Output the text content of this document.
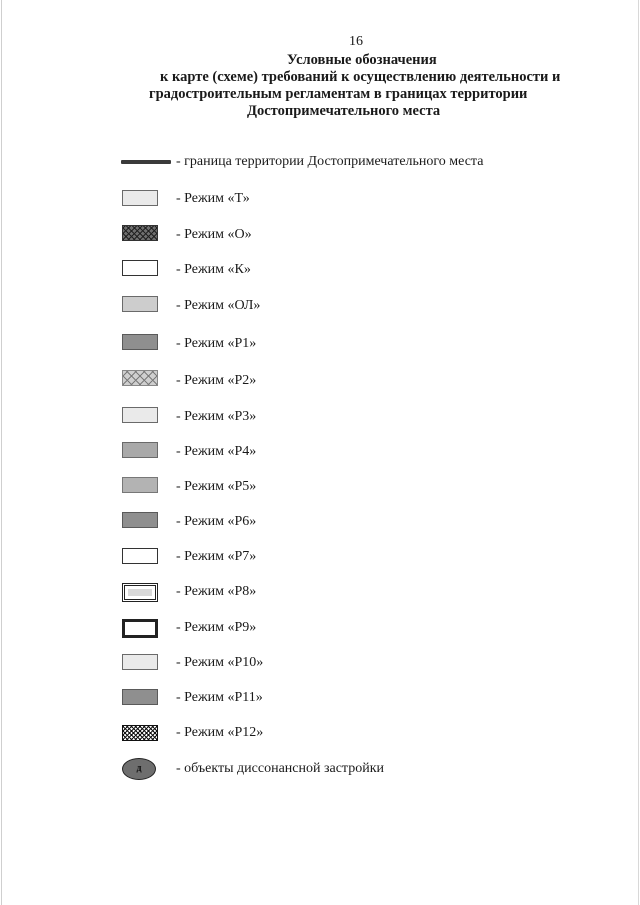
16
Условные обозначения
к карте (схеме) требований к осуществлению деятельности и
градостроительным регламентам в границах территории
Достопримечательного места
- граница территории Достопримечательного места
- Режим «Т»
- Режим «О»
- Режим «К»
- Режим «ОЛ»
- Режим «Р1»
- Режим «Р2»
- Режим «Р3»
- Режим «Р4»
- Режим «Р5»
- Режим «Р6»
- Режим «Р7»
- Режим «Р8»
- Режим «Р9»
- Режим «Р10»
- Режим «Р11»
- Режим «Р12»
д	- объекты диссонансной застройки
